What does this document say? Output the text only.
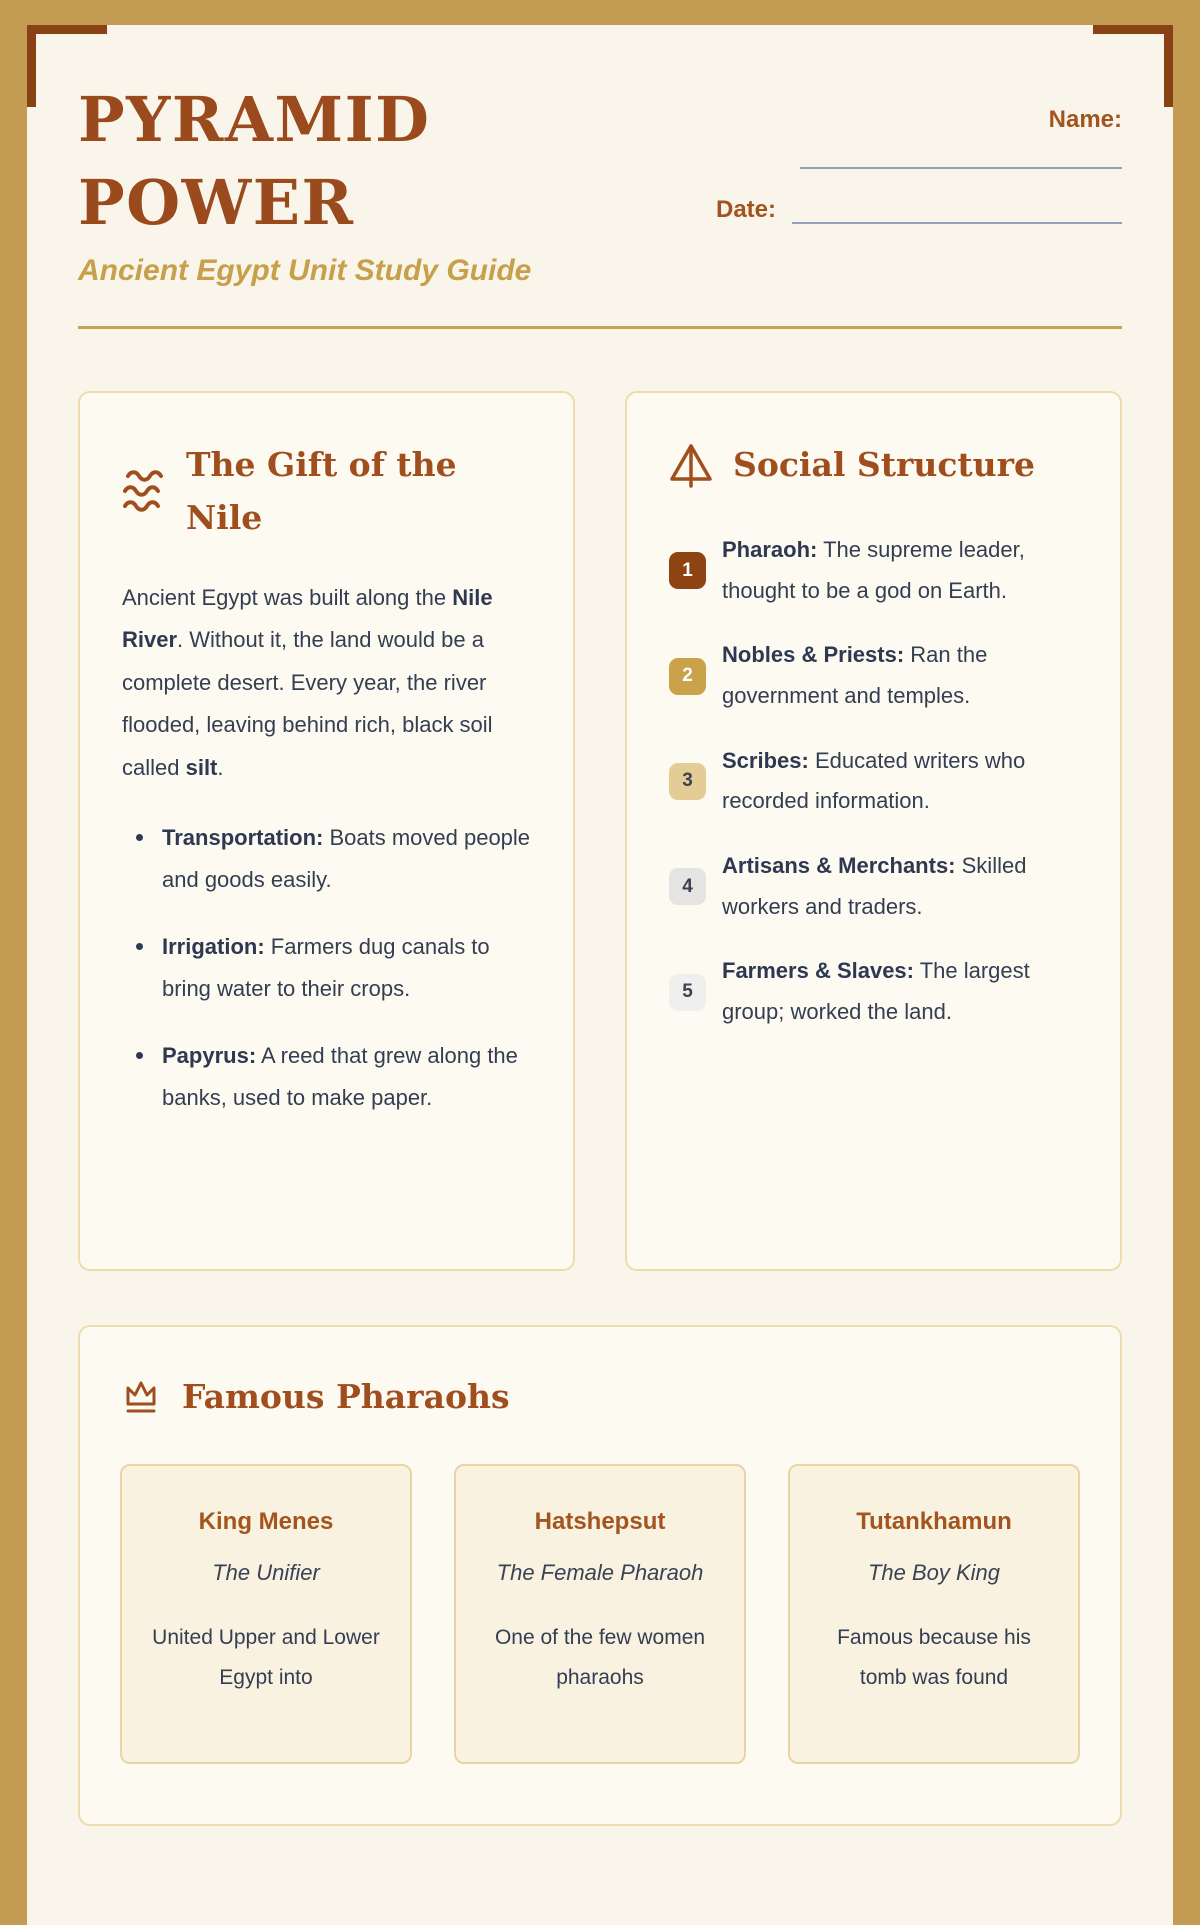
PYRAMID POWER
Ancient Egypt Unit Study Guide
Name:
Date:
The Gift of the Nile

Ancient Egypt was built along the Nile River. Without it, the land would be a complete desert. Every year, the river flooded, leaving behind rich, black soil called silt.

Transportation: Boats moved people and goods easily.
Irrigation: Farmers dug canals to bring water to their crops.
Papyrus: A reed that grew along the banks, used to make paper.
Social Structure
1
Pharaoh: The supreme leader, thought to be a god on Earth.
2
Nobles & Priests: Ran the government and temples.
3
Scribes: Educated writers who recorded information.
4
Artisans & Merchants: Skilled workers and traders.
5
Farmers & Slaves: The largest group; worked the land.
Famous Pharaohs
King Menes
The Unifier
United Upper and Lower Egypt into
Hatshepsut
The Female Pharaoh
One of the few women pharaohs
Tutankhamun
The Boy King
Famous because his tomb was found
